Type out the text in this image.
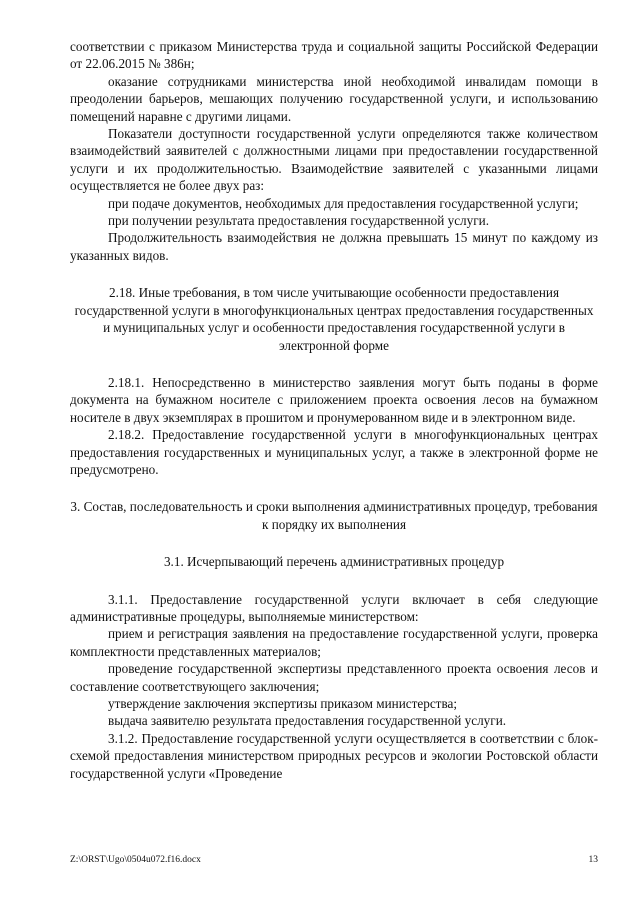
соответствии с приказом Министерства труда и социальной защиты Российской Федерации от 22.06.2015 № 386н;

оказание сотрудниками министерства иной необходимой инвалидам помощи в преодолении барьеров, мешающих получению государственной услуги, и использованию помещений наравне с другими лицами.

Показатели доступности государственной услуги определяются также количеством взаимодействий заявителей с должностными лицами при предоставлении государственной услуги и их продолжительностью. Взаимодействие заявителей с указанными лицами осуществляется не более двух раз:

при подаче документов, необходимых для предоставления государственной услуги;

при получении результата предоставления государственной услуги.

Продолжительность взаимодействия не должна превышать 15 минут по каждому из указанных видов.

2.18. Иные требования, в том числе учитывающие особенности предоставления государственной услуги в многофункциональных центрах предоставления государственных и муниципальных услуг и особенности предоставления государственной услуги в электронной форме

2.18.1. Непосредственно в министерство заявления могут быть поданы в форме документа на бумажном носителе с приложением проекта освоения лесов на бумажном носителе в двух экземплярах в прошитом и пронумерованном виде и в электронном виде.

2.18.2. Предоставление государственной услуги в многофункциональных центрах предоставления государственных и муниципальных услуг, а также в электронной форме не предусмотрено.

3. Состав, последовательность и сроки выполнения административных процедур, требования к порядку их выполнения

3.1. Исчерпывающий перечень административных процедур

3.1.1. Предоставление государственной услуги включает в себя следующие административные процедуры, выполняемые министерством:

прием и регистрация заявления на предоставление государственной услуги, проверка комплектности представленных материалов;

проведение государственной экспертизы представленного проекта освоения лесов и составление соответствующего заключения;

утверждение заключения экспертизы приказом министерства;

выдача заявителю результата предоставления государственной услуги.

3.1.2. Предоставление государственной услуги осуществляется в соответствии с блок-схемой предоставления министерством природных ресурсов и экологии Ростовской области государственной услуги «Проведение

Z:\ORST\Ugo\0504u072.f16.docx	13
